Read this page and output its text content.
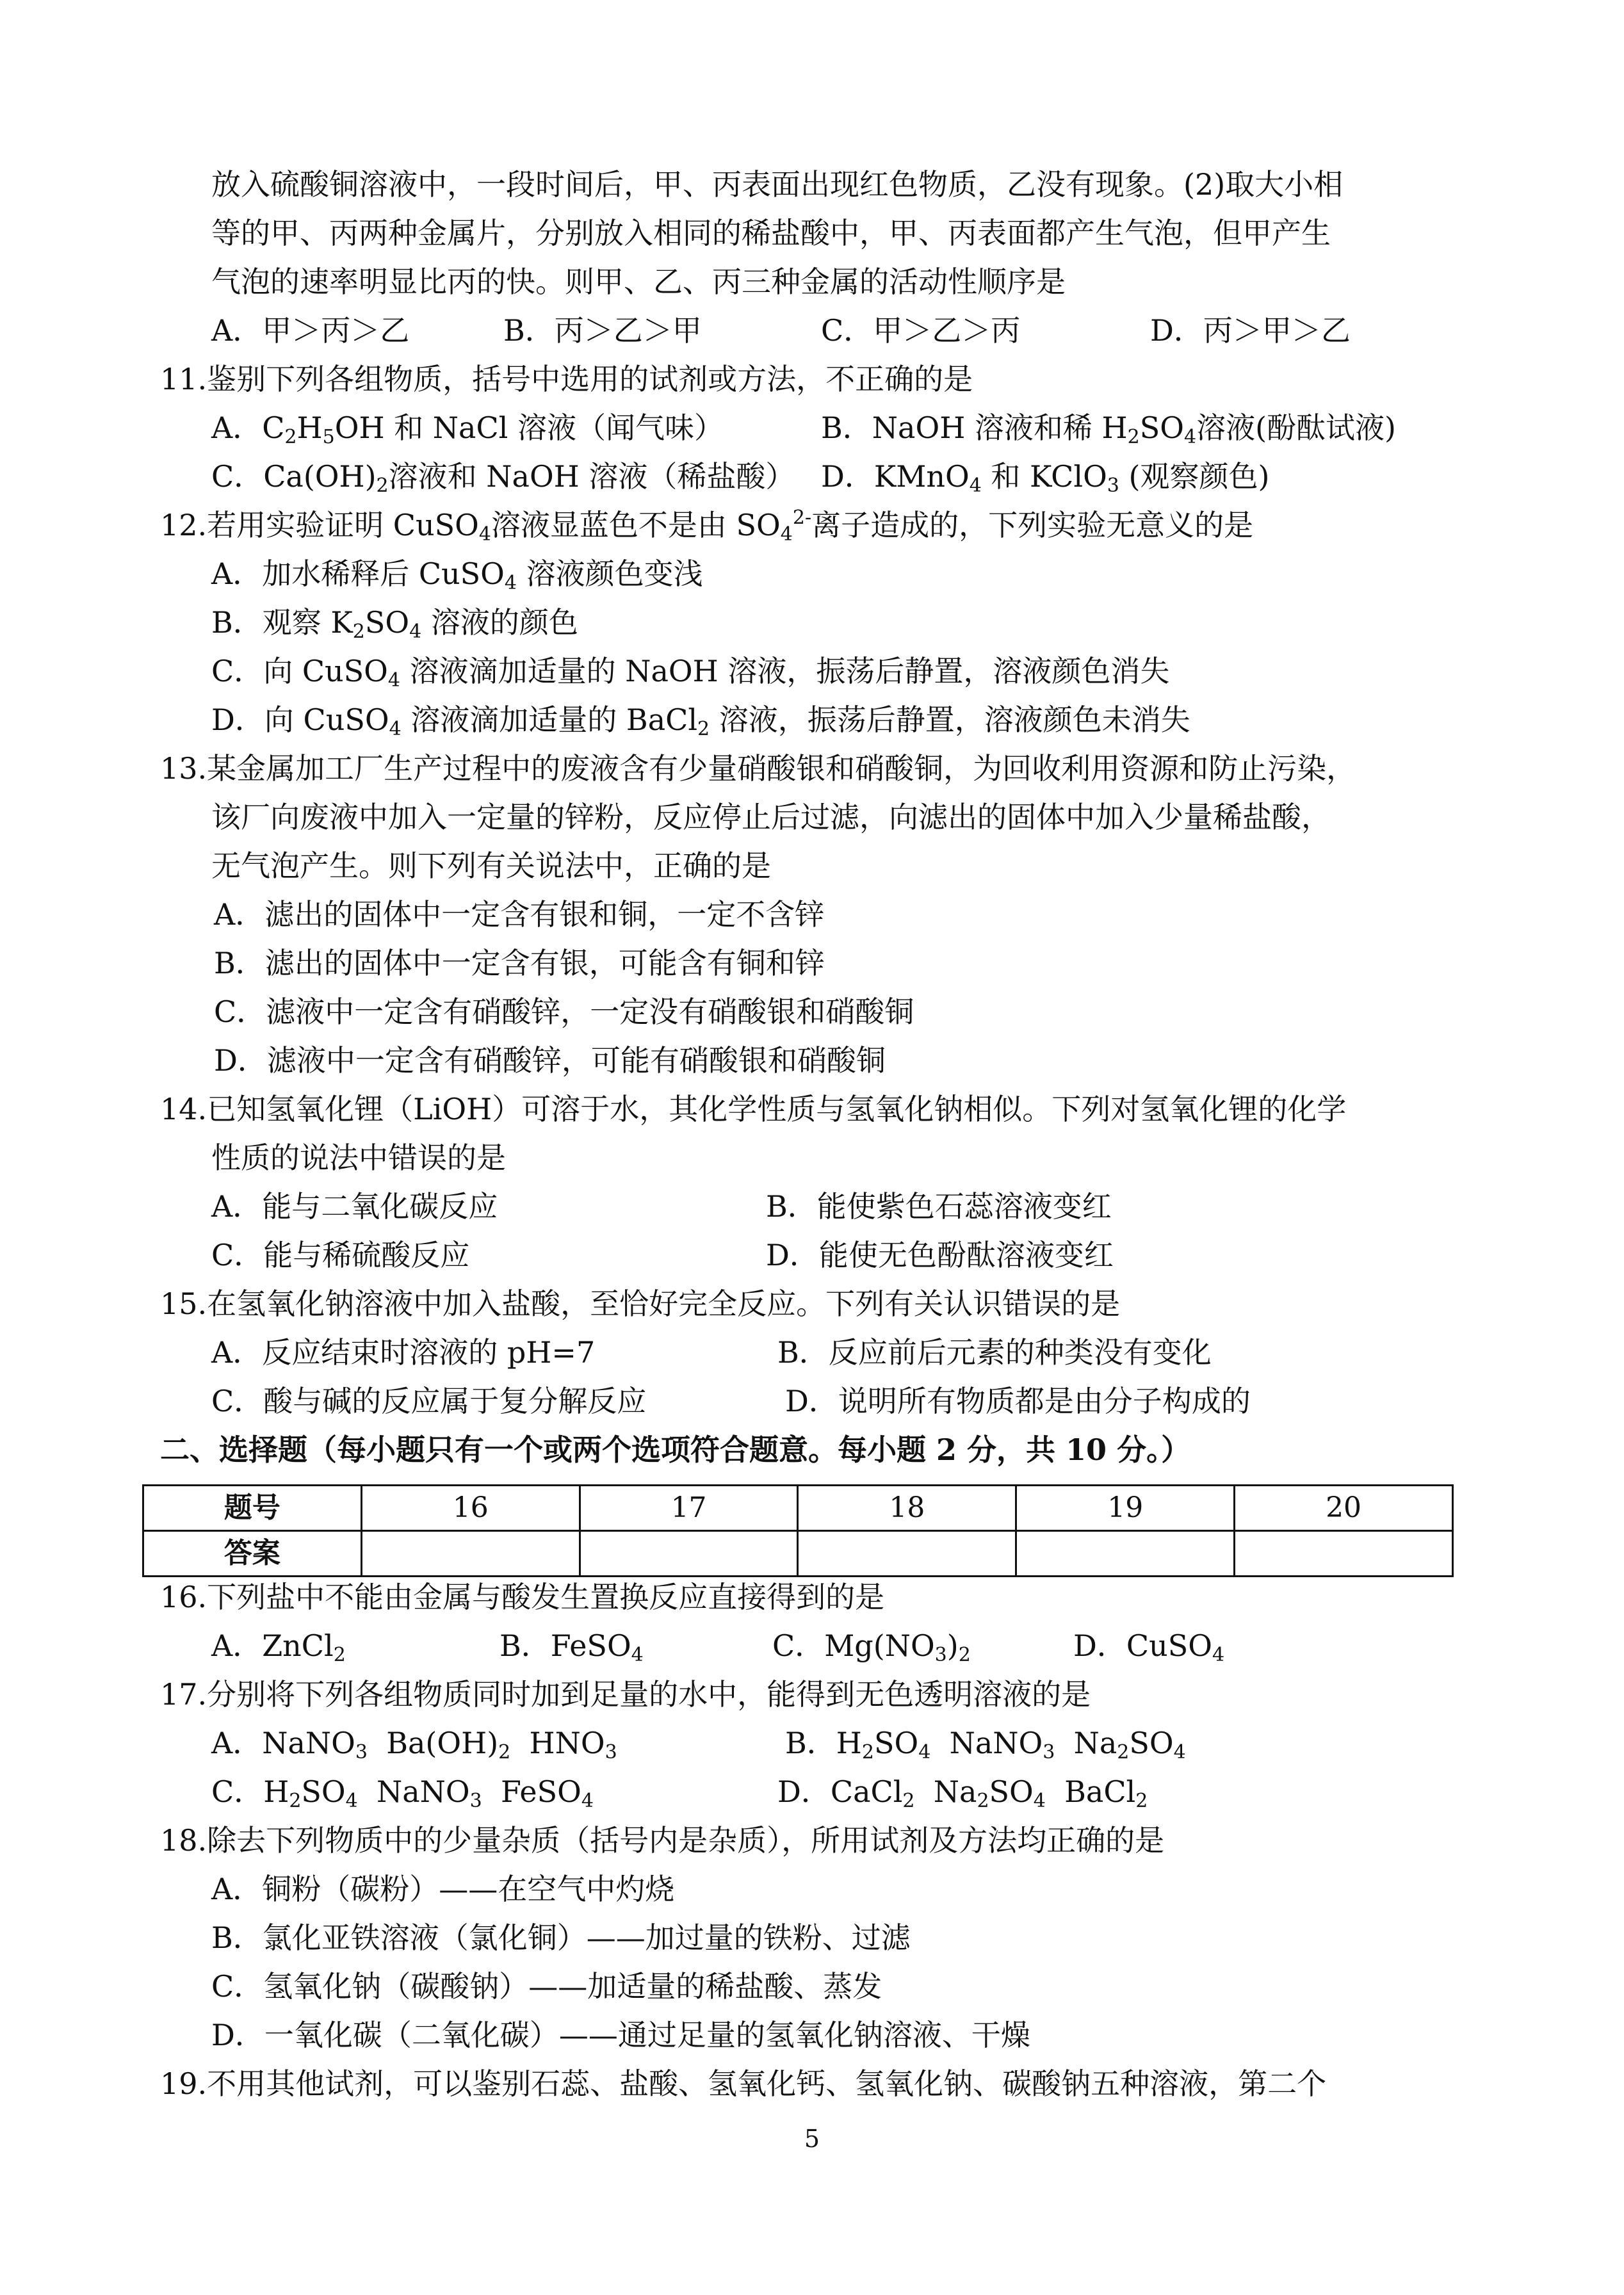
放入硫酸铜溶液中，一段时间后，甲、丙表面出现红色物质，乙没有现象。(2)取大小相

等的甲、丙两种金属片，分别放入相同的稀盐酸中，甲、丙表面都产生气泡，但甲产生

气泡的速率明显比丙的快。则甲、乙、丙三种金属的活动性顺序是

A．甲＞丙＞乙	B．丙＞乙＞甲	C．甲＞乙＞丙	D．丙＞甲＞乙

11.鉴别下列各组物质，括号中选用的试剂或方法，不正确的是

A．$C_2H_5OH$ 和 NaCl 溶液（闻气味）	B．NaOH 溶液和稀 $H_2SO_4$溶液(酚酞试液)

C．$Ca(OH)_2$溶液和 NaOH 溶液（稀盐酸） D．KMnO$_4$ 和 KClO$_3$ (观察颜色)

12.若用实验证明 CuSO$_4$溶液显蓝色不是由 $SO_4^{2-}$离子造成的，下列实验无意义的是

A．加水稀释后 CuSO$_4$ 溶液颜色变浅

B．观察 $K_2SO_4$ 溶液的颜色

C．向 CuSO$_4$ 溶液滴加适量的 NaOH 溶液，振荡后静置，溶液颜色消失

D．向 CuSO$_4$ 溶液滴加适量的 BaCl$_2$ 溶液，振荡后静置，溶液颜色未消失

13.某金属加工厂生产过程中的废液含有少量硝酸银和硝酸铜，为回收利用资源和防止污染，

该厂向废液中加入一定量的锌粉，反应停止后过滤，向滤出的固体中加入少量稀盐酸，

无气泡产生。则下列有关说法中，正确的是

A．滤出的固体中一定含有银和铜，一定不含锌

B．滤出的固体中一定含有银，可能含有铜和锌

C．滤液中一定含有硝酸锌，一定没有硝酸银和硝酸铜

D．滤液中一定含有硝酸锌，可能有硝酸银和硝酸铜

14.已知氢氧化锂（LiOH）可溶于水，其化学性质与氢氧化钠相似。下列对氢氧化锂的化学

性质的说法中错误的是

A．能与二氧化碳反应	B．能使紫色石蕊溶液变红

C．能与稀硫酸反应	D．能使无色酚酞溶液变红

15.在氢氧化钠溶液中加入盐酸，至恰好完全反应。下列有关认识错误的是

A．反应结束时溶液的 pH=7	B．反应前后元素的种类没有变化

C．酸与碱的反应属于复分解反应	D．说明所有物质都是由分子构成的

二、选择题（每小题只有一个或两个选项符合题意。每小题 2 分，共 10 分。）

题号	16	17	18	19	20
答案					

16.下列盐中不能由金属与酸发生置换反应直接得到的是

A．ZnCl$_2$	B．FeSO$_4$	C．$Mg(NO_3)_2$	D．CuSO$_4$

17.分别将下列各组物质同时加到足量的水中，能得到无色透明溶液的是

A．NaNO$_3$  $Ba(OH)_2$  $HNO_3$	B．$H_2SO_4$  NaNO$_3$  $Na_2SO_4$

C．$H_2SO_4$  NaNO$_3$  FeSO$_4$	D．CaCl$_2$  $Na_2SO_4$  BaCl$_2$

18.除去下列物质中的少量杂质（括号内是杂质），所用试剂及方法均正确的是

A．铜粉（碳粉）——在空气中灼烧

B．氯化亚铁溶液（氯化铜）——加过量的铁粉、过滤

C．氢氧化钠（碳酸钠）——加适量的稀盐酸、蒸发

D．一氧化碳（二氧化碳）——通过足量的氢氧化钠溶液、干燥

19.不用其他试剂，可以鉴别石蕊、盐酸、氢氧化钙、氢氧化钠、碳酸钠五种溶液，第二个

5
